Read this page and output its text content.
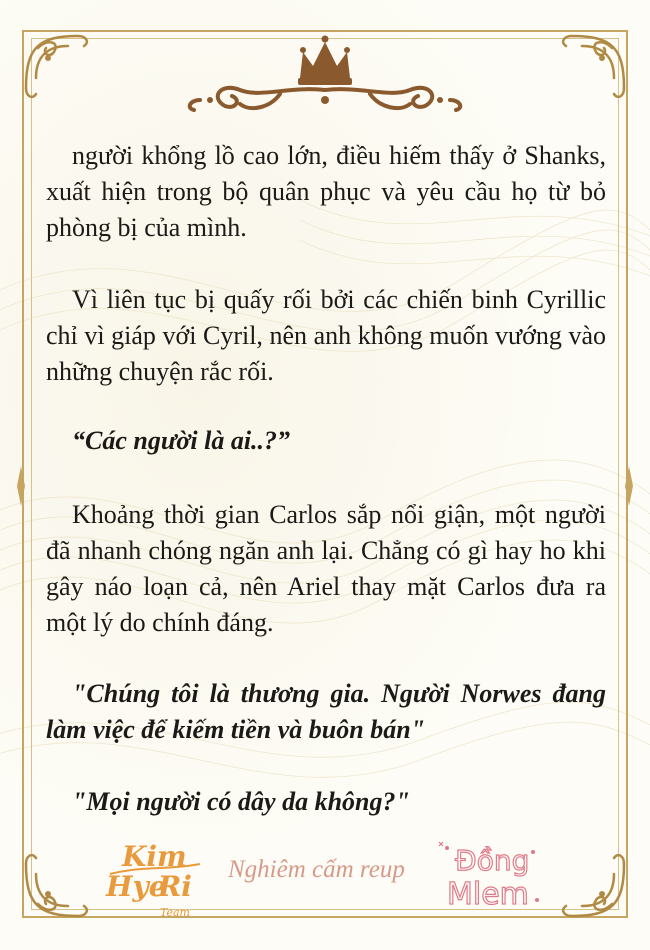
người khổng lồ cao lớn, điều hiếm thấy ở Shanks, xuất hiện trong bộ quân phục và yêu cầu họ từ bỏ phòng bị của mình.

Vì liên tục bị quấy rối bởi các chiến binh Cyrillic chỉ vì giáp với Cyril, nên anh không muốn vướng vào những chuyện rắc rối.

“Các người là ai..?”

Khoảng thời gian Carlos sắp nổi giận, một người đã nhanh chóng ngăn anh lại. Chẳng có gì hay ho khi gây náo loạn cả, nên Ariel thay mặt Carlos đưa ra một lý do chính đáng.

"Chúng tôi là thương gia. Người Norwes đang làm việc để kiếm tiền và buôn bán"

"Mọi người có dây da không?"

Kim
Hye
Ri
Team
Nghiêm cấm reup Đồng
Mlem
